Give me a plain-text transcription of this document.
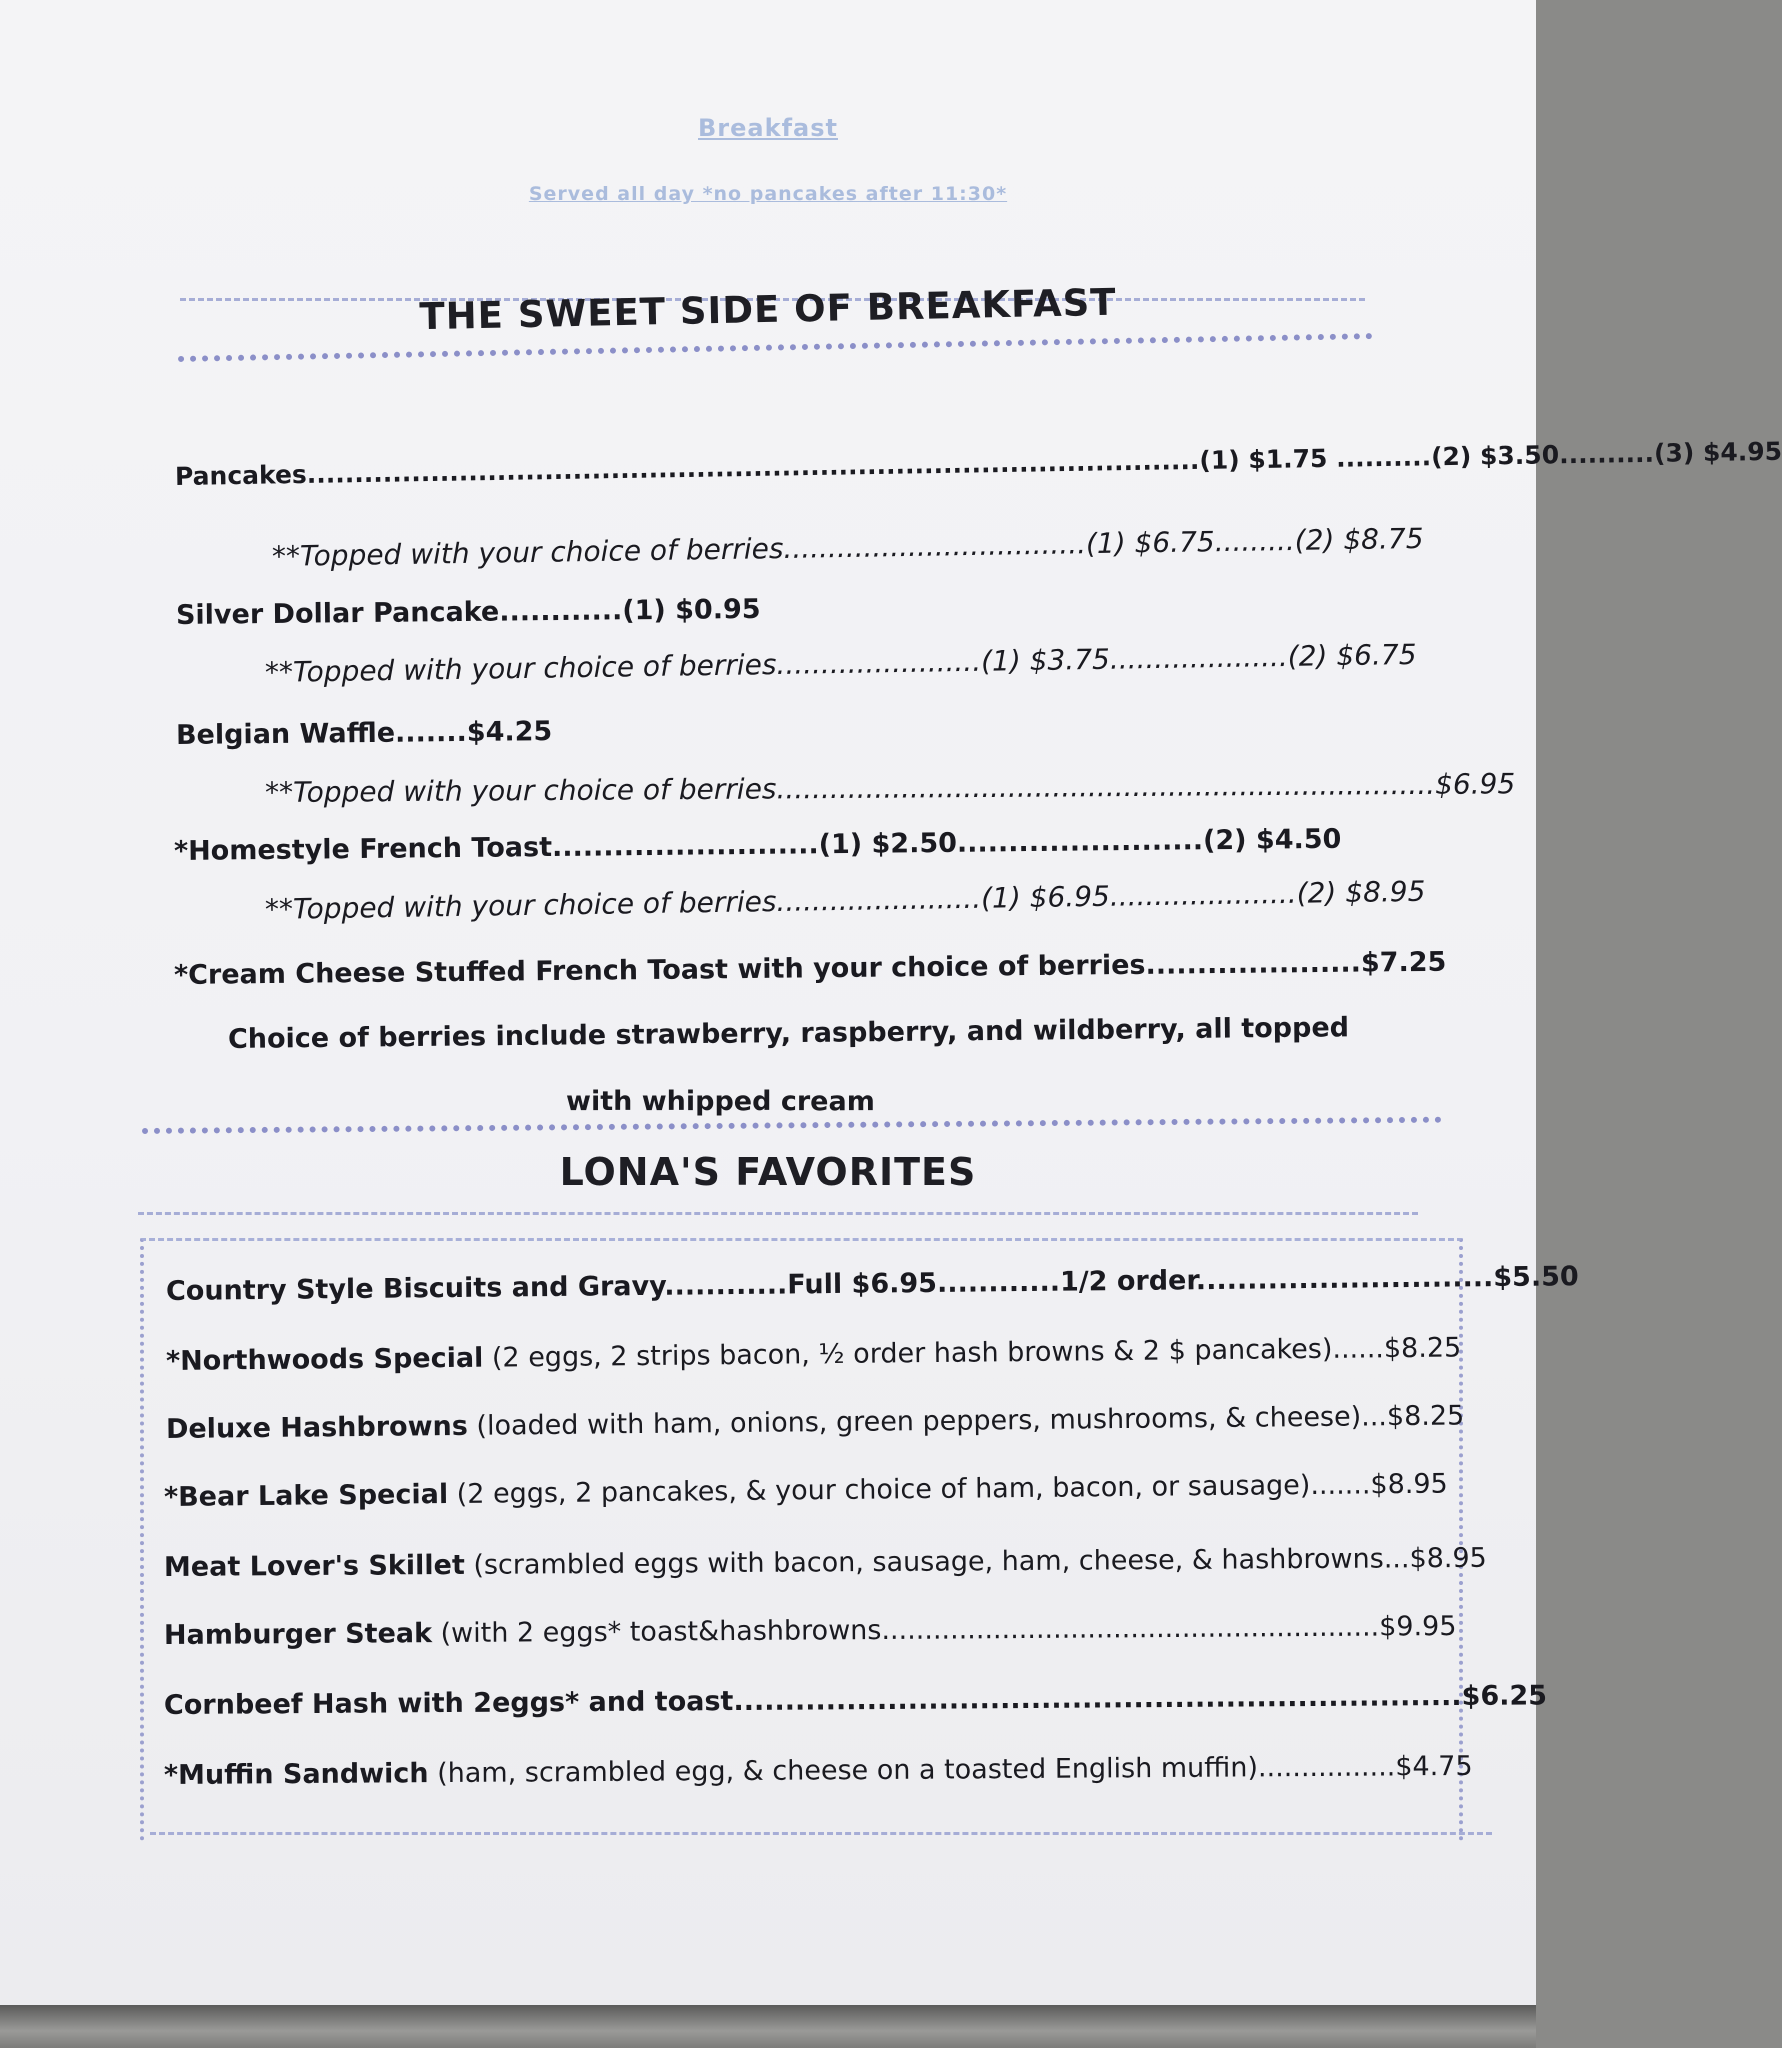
Breakfast
Served all day *no pancakes after 11:30*
THE SWEET SIDE OF BREAKFAST
Pancakes..............................................................................................(1) $1.75 ..........(2) $3.50..........(3) $4.95
**Topped with your choice of berries..................................(1) $6.75.........(2) $8.75
Silver Dollar Pancake............(1) $0.95
**Topped with your choice of berries.......................(1) $3.75....................(2) $6.75
Belgian Waffle.......$4.25
**Topped with your choice of berries..........................................................................$6.95
*Homestyle French Toast..........................(1) $2.50........................(2) $4.50
**Topped with your choice of berries.......................(1) $6.95.....................(2) $8.95
*Cream Cheese Stuffed French Toast with your choice of berries.....................$7.25
Choice of berries include strawberry, raspberry, and wildberry, all topped
with whipped cream
LONA'S FAVORITES
Country Style Biscuits and Gravy............Full $6.95............1/2 order.............................$5.50
*Northwoods Special (2 eggs, 2 strips bacon, ½ order hash browns & 2 $ pancakes)......$8.25
Deluxe Hashbrowns (loaded with ham, onions, green peppers, mushrooms, & cheese)...$8.25
*Bear Lake Special (2 eggs, 2 pancakes, & your choice of ham, bacon, or sausage).......$8.95
Meat Lover's Skillet (scrambled eggs with bacon, sausage, ham, cheese, & hashbrowns...$8.95
Hamburger Steak (with 2 eggs* toast&hashbrowns..........................................................$9.95
Cornbeef Hash with 2eggs* and toast.......................................................................$6.25
*Muffin Sandwich (ham, scrambled egg, & cheese on a toasted English muffin)................$4.75
